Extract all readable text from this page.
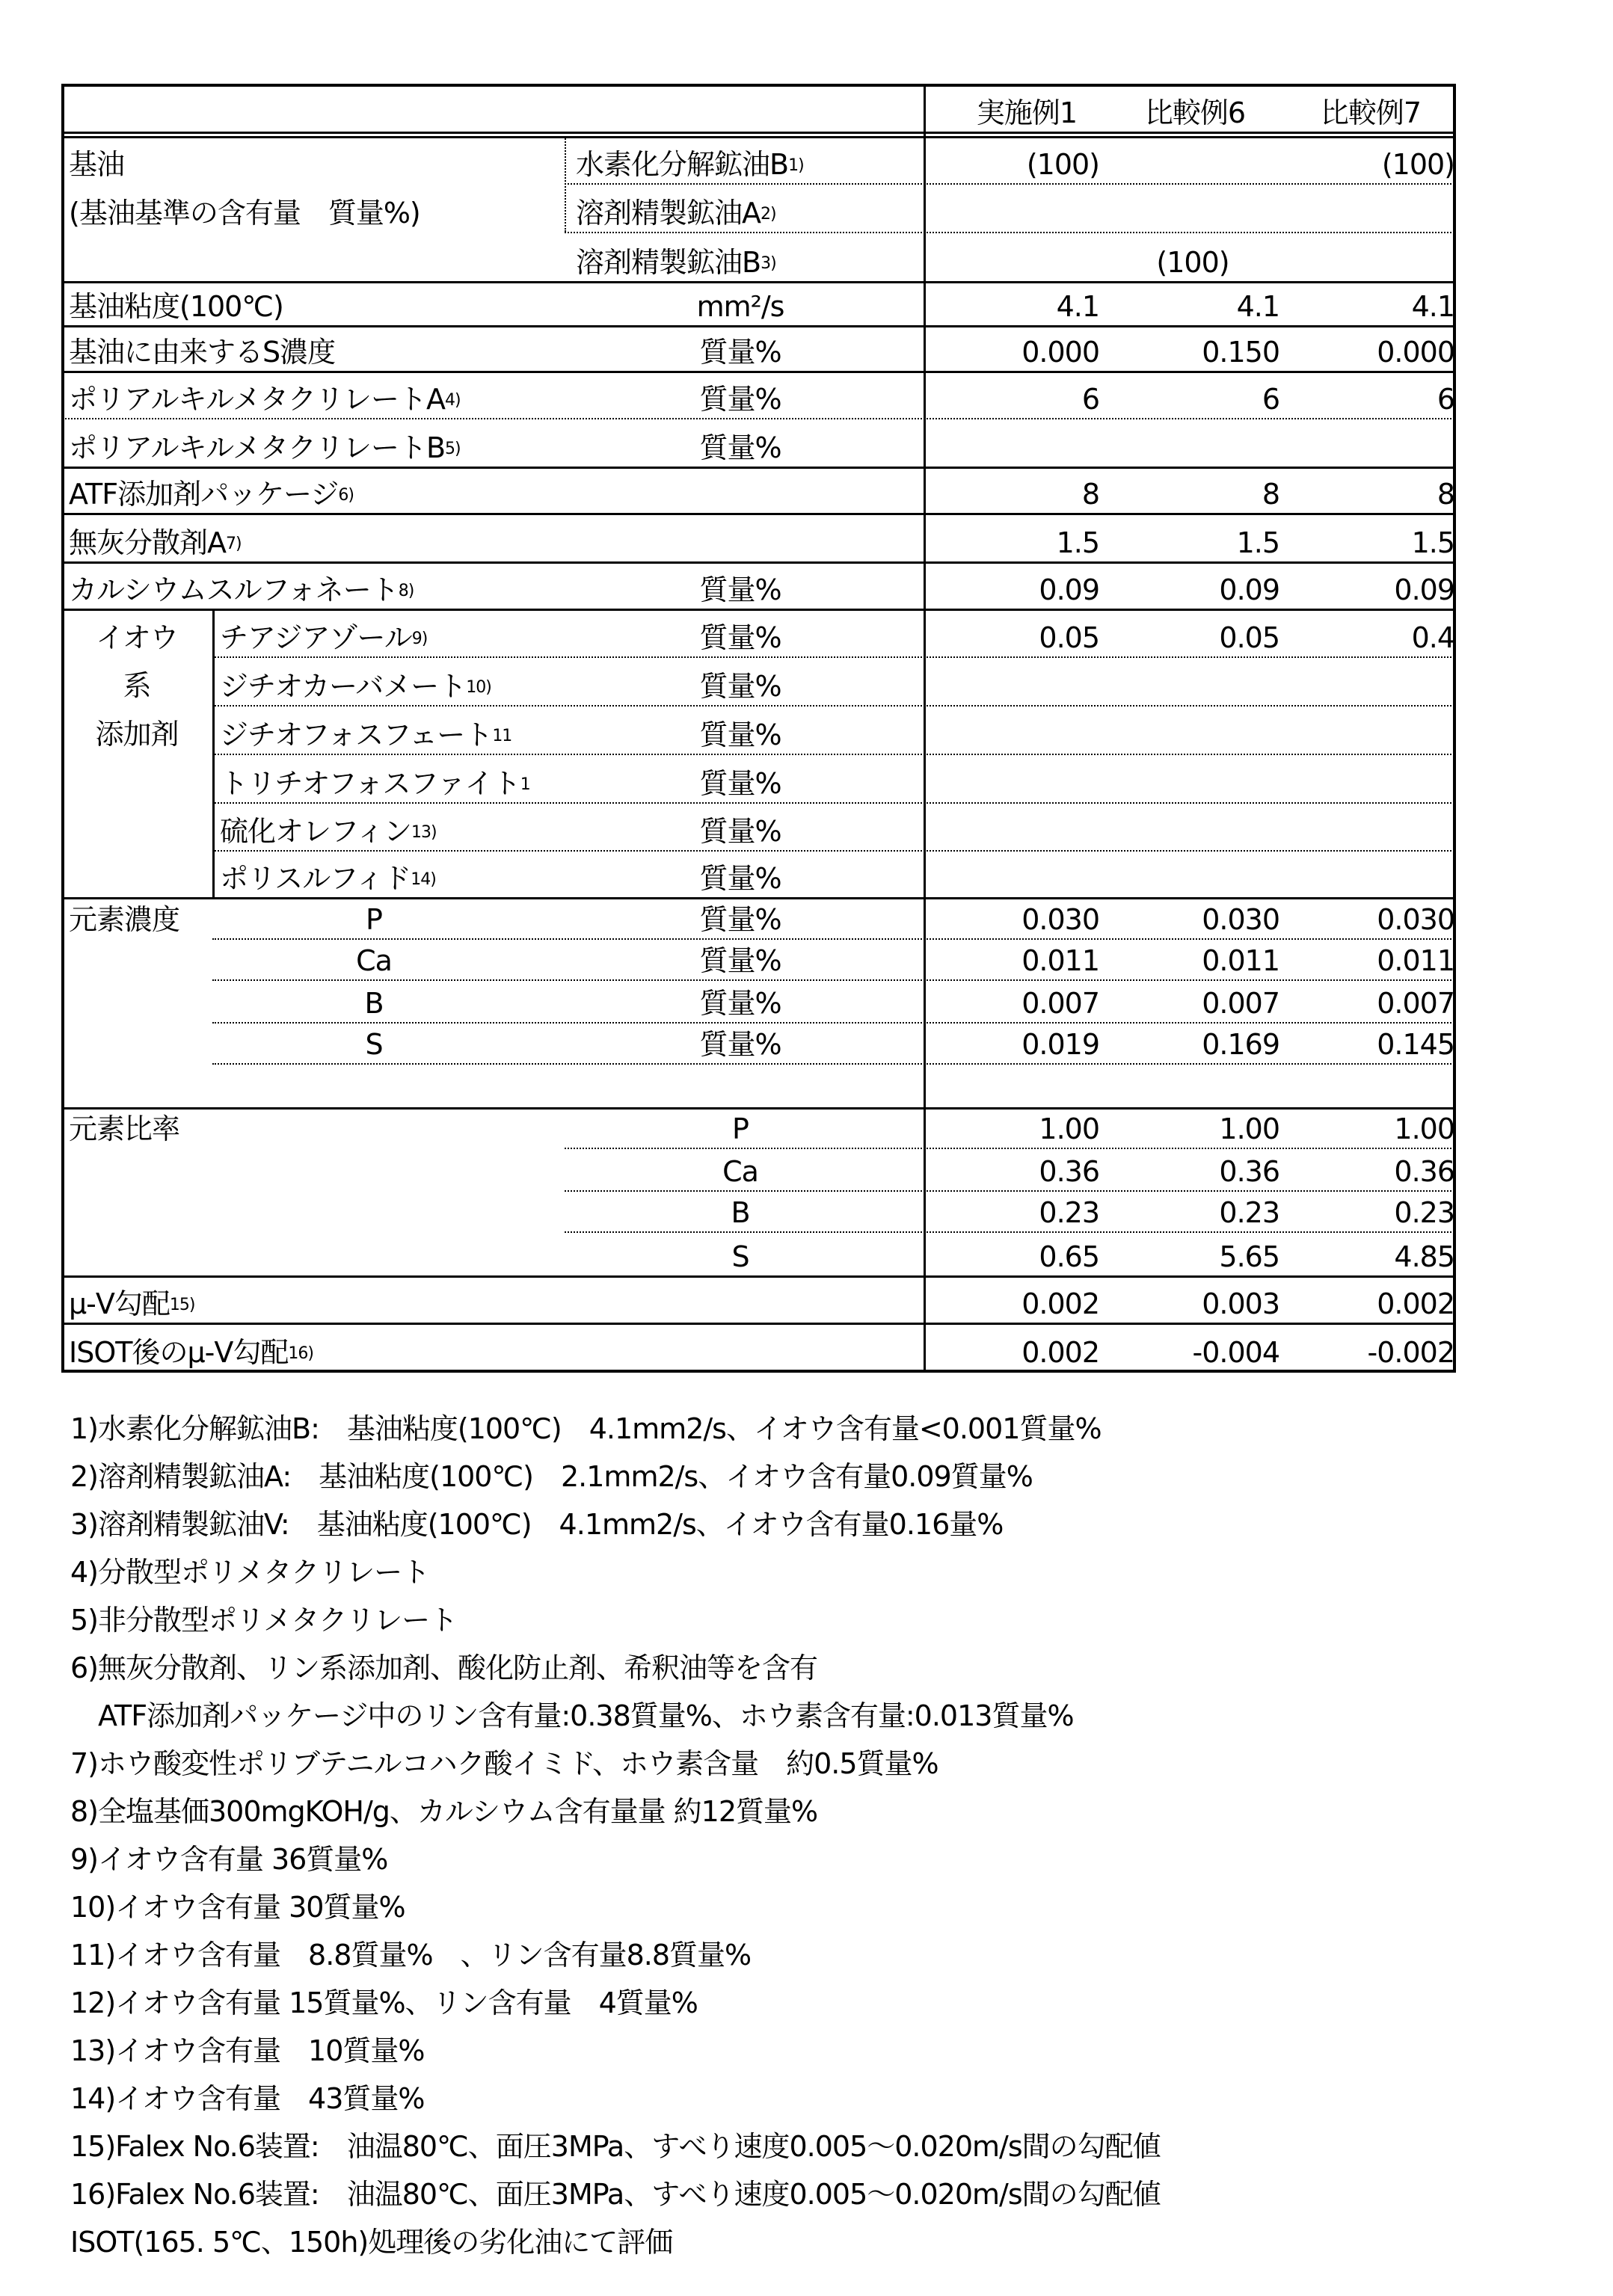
実施例1	比較例6	比較例7
基油
(基油基準の含有量　質量%)
水素化分解鉱油B 1)	(100)	(100)
溶剤精製鉱油A 2)
溶剤精製鉱油B 3)	(100)
基油粘度(100℃)	mm²/s	4.1	4.1	4.1
基油に由来するS濃度	質量%	0.000	0.150	0.000
ポリアルキルメタクリレートA 4)	質量%	6	6	6
ポリアルキルメタクリレートB 5)	質量%
ATF添加剤パッケージ 6)	8	8	8
無灰分散剤A 7)	1.5	1.5	1.5
カルシウムスルフォネート 8)	質量%	0.09	0.09	0.09
イオウ
系
添加剤
チアジアゾール 9)	質量%	0.05	0.05	0.4
ジチオカーバメート 10)	質量%
ジチオフォスフェート 11	質量%
トリチオフォスファイト 1	質量%
硫化オレフィン 13)	質量%
ポリスルフィド 14)	質量%
元素濃度	P	質量%	0.030	0.030	0.030
Ca	質量%	0.011	0.011	0.011
B	質量%	0.007	0.007	0.007
S	質量%	0.019	0.169	0.145
元素比率	P	1.00	1.00	1.00
Ca	0.36	0.36	0.36
B	0.23	0.23	0.23
S	0.65	5.65	4.85
μ-V勾配 15)	0.002	0.003	0.002
ISOT後のμ-V勾配 16)	0.002	-0.004	-0.002
1)水素化分解鉱油B:　基油粘度(100℃)　4.1mm2/s、イオウ含有量<0.001質量%
2)溶剤精製鉱油A:　基油粘度(100℃)　2.1mm2/s、イオウ含有量0.09質量%
3)溶剤精製鉱油V:　基油粘度(100℃)　4.1mm2/s、イオウ含有量0.16量%
4)分散型ポリメタクリレート
5)非分散型ポリメタクリレート
6)無灰分散剤、リン系添加剤、酸化防止剤、希釈油等を含有
　ATF添加剤パッケージ中のリン含有量:0.38質量%、ホウ素含有量:0.013質量%
7)ホウ酸変性ポリブテニルコハク酸イミド、ホウ素含量　約0.5質量%
8)全塩基価300mgKOH/g、カルシウム含有量量 約12質量%
9)イオウ含有量 36質量%
10)イオウ含有量 30質量%
11)イオウ含有量　8.8質量%　、リン含有量8.8質量%
12)イオウ含有量 15質量%、リン含有量　4質量%
13)イオウ含有量　10質量%
14)イオウ含有量　43質量%
15)Falex No.6装置:　油温80℃、面圧3MPa、すべり速度0.005～0.020m/s間の勾配値
16)Falex No.6装置:　油温80℃、面圧3MPa、すべり速度0.005～0.020m/s間の勾配値
ISOT(165. 5℃、150h)処理後の劣化油にて評価
